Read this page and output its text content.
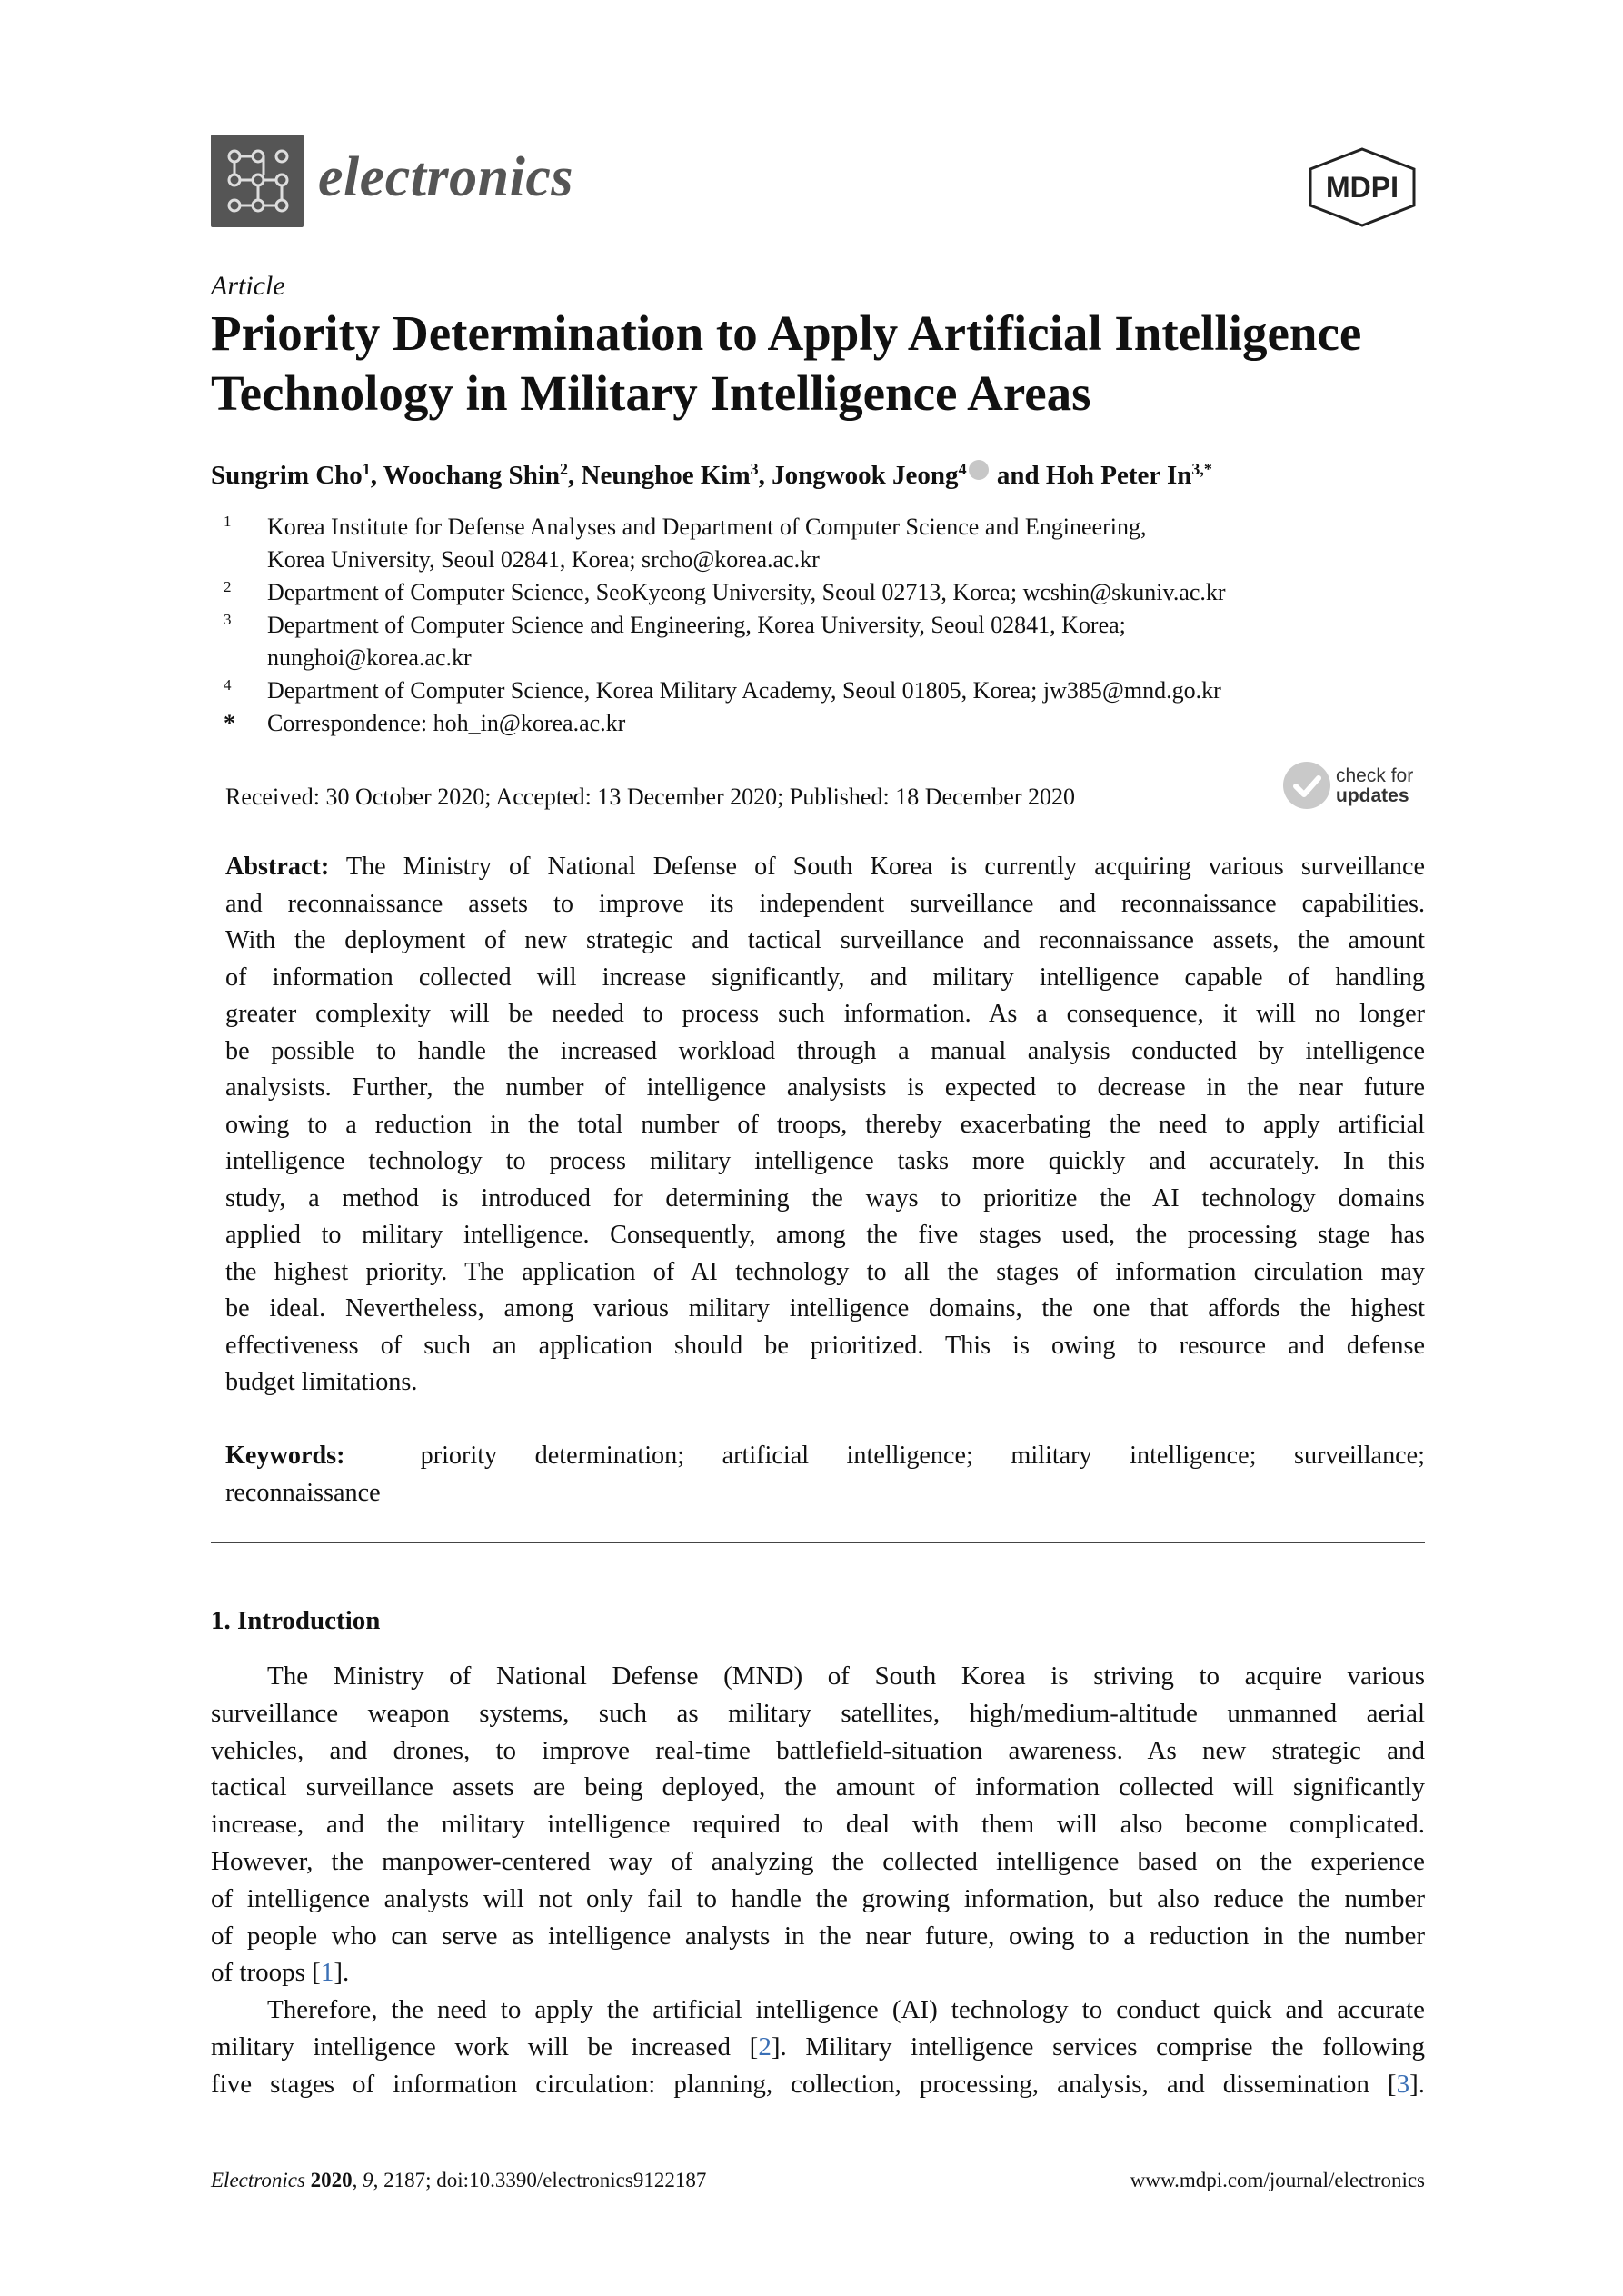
electronics	MDPI
Article
Priority Determination to Apply Artificial Intelligence
Technology in Military Intelligence Areas
Sungrim Cho$^1$, Woochang Shin$^2$, Neunghoe Kim$^3$, Jongwook Jeong$^4$ and Hoh Peter $In^{3,*}$
1 Korea Institute for Defense Analyses and Department of Computer Science and Engineering,
Korea University, Seoul 02841, Korea; srcho@korea.ac.kr
2 Department of Computer Science, SeoKyeong University, Seoul 02713, Korea; wcshin@skuniv.ac.kr
3 Department of Computer Science and Engineering, Korea University, Seoul 02841, Korea;
nunghoi@korea.ac.kr
4 Department of Computer Science, Korea Military Academy, Seoul 01805, Korea; jw385@mnd.go.kr
* Correspondence: hoh_in@korea.ac.kr
Received: 30 October 2020; Accepted: 13 December 2020; Published: 18 December 2020
check for
updates
Abstract: The Ministry of National Defense of South Korea is currently acquiring various surveillance
and reconnaissance assets to improve its independent surveillance and reconnaissance capabilities.
With the deployment of new strategic and tactical surveillance and reconnaissance assets, the amount
of information collected will increase significantly, and military intelligence capable of handling
greater complexity will be needed to process such information. As a consequence, it will no longer
be possible to handle the increased workload through a manual analysis conducted by intelligence
analysists. Further, the number of intelligence analysists is expected to decrease in the near future
owing to a reduction in the total number of troops, thereby exacerbating the need to apply artificial
intelligence technology to process military intelligence tasks more quickly and accurately. In this
study, a method is introduced for determining the ways to prioritize the AI technology domains
applied to military intelligence. Consequently, among the five stages used, the processing stage has
the highest priority. The application of AI technology to all the stages of information circulation may
be ideal. Nevertheless, among various military intelligence domains, the one that affords the highest
effectiveness of such an application should be prioritized. This is owing to resource and defense
budget limitations.
Keywords:	priority determination; artificial intelligence; military intelligence; surveillance;
reconnaissance
1. Introduction
The Ministry of National Defense (MND) of South Korea is striving to acquire various
surveillance weapon systems, such as military satellites, high/medium-altitude unmanned aerial
vehicles, and drones, to improve real-time battlefield-situation awareness. As new strategic and
tactical surveillance assets are being deployed, the amount of information collected will significantly
increase, and the military intelligence required to deal with them will also become complicated.
However, the manpower-centered way of analyzing the collected intelligence based on the experience
of intelligence analysts will not only fail to handle the growing information, but also reduce the number
of people who can serve as intelligence analysts in the near future, owing to a reduction in the number
of troops [1].
Therefore, the need to apply the artificial intelligence (AI) technology to conduct quick and accurate
military intelligence work will be increased [2]. Military intelligence services comprise the following
five stages of information circulation: planning, collection, processing, analysis, and dissemination [3].
Electronics 2020, 9, 2187; doi:10.3390/electronics9122187	www.mdpi.com/journal/electronics
